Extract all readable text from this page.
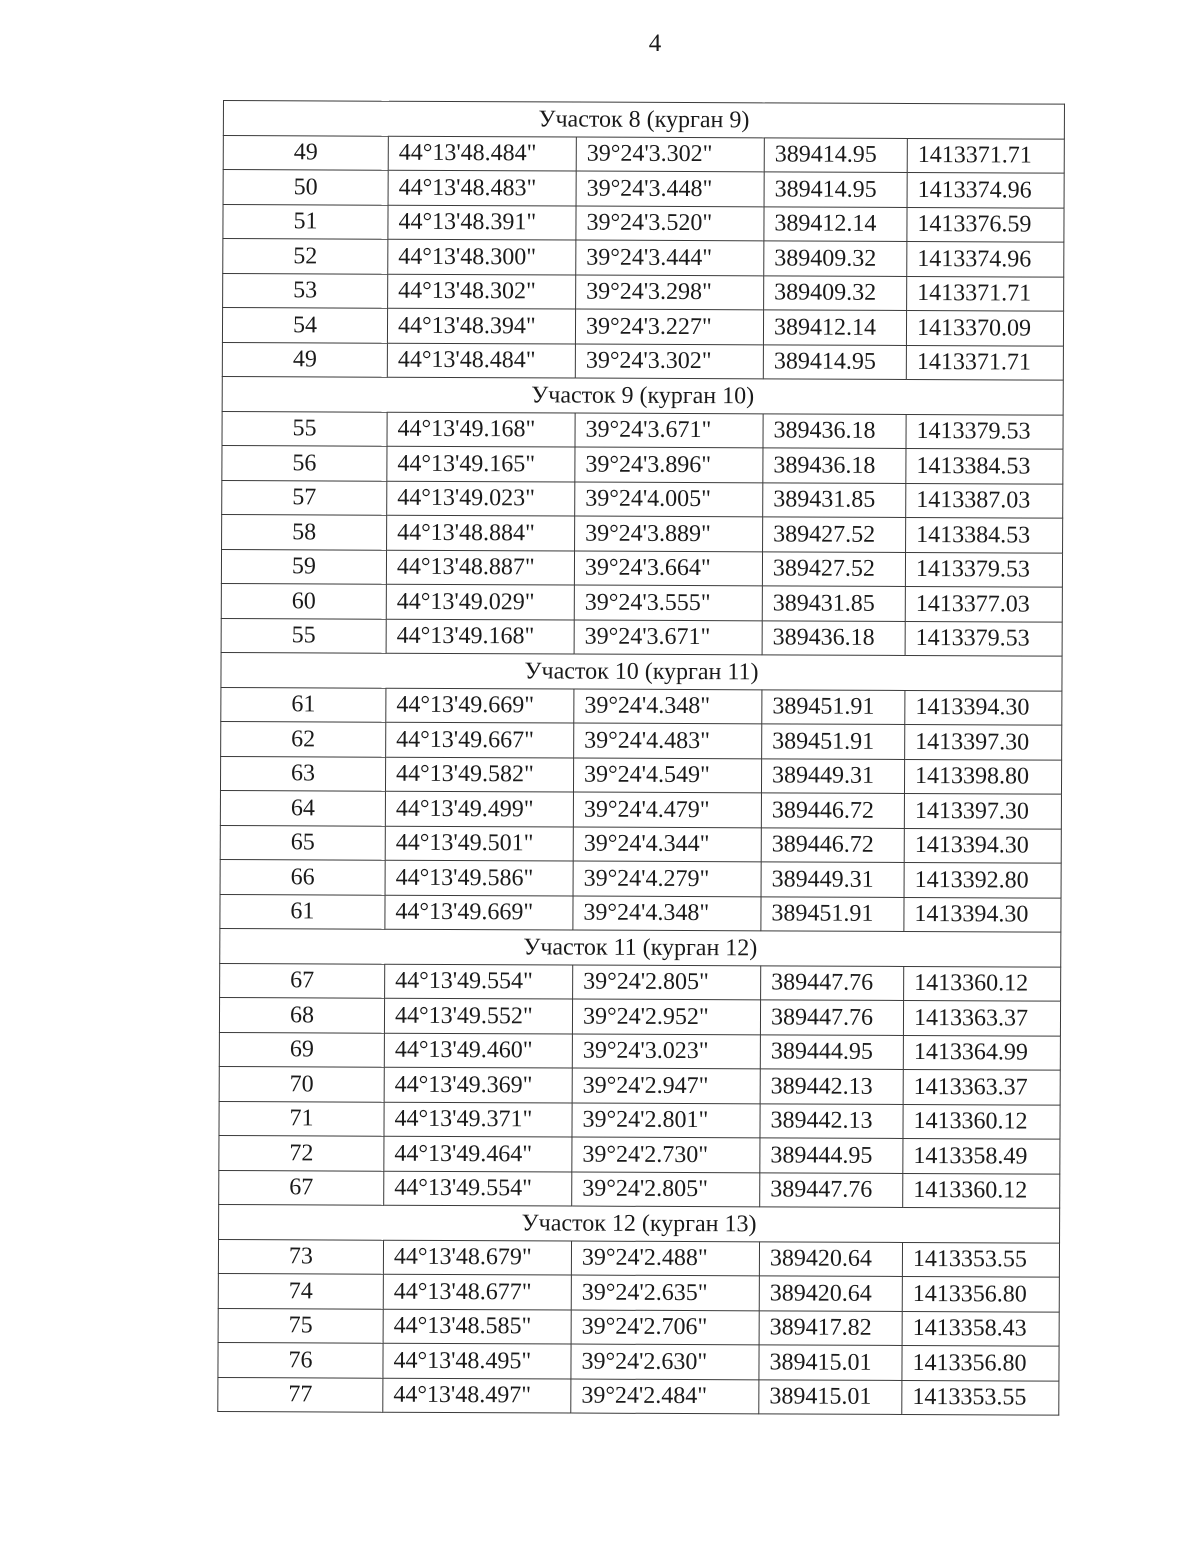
4
Участок 8 (курган 9)				
49	44°13'48.484"	39°24'3.302"	389414.95	1413371.71
50	44°13'48.483"	39°24'3.448"	389414.95	1413374.96
51	44°13'48.391"	39°24'3.520"	389412.14	1413376.59
52	44°13'48.300"	39°24'3.444"	389409.32	1413374.96
53	44°13'48.302"	39°24'3.298"	389409.32	1413371.71
54	44°13'48.394"	39°24'3.227"	389412.14	1413370.09
49	44°13'48.484"	39°24'3.302"	389414.95	1413371.71
Участок 9 (курган 10)				
55	44°13'49.168"	39°24'3.671"	389436.18	1413379.53
56	44°13'49.165"	39°24'3.896"	389436.18	1413384.53
57	44°13'49.023"	39°24'4.005"	389431.85	1413387.03
58	44°13'48.884"	39°24'3.889"	389427.52	1413384.53
59	44°13'48.887"	39°24'3.664"	389427.52	1413379.53
60	44°13'49.029"	39°24'3.555"	389431.85	1413377.03
55	44°13'49.168"	39°24'3.671"	389436.18	1413379.53
Участок 10 (курган 11)				
61	44°13'49.669"	39°24'4.348"	389451.91	1413394.30
62	44°13'49.667"	39°24'4.483"	389451.91	1413397.30
63	44°13'49.582"	39°24'4.549"	389449.31	1413398.80
64	44°13'49.499"	39°24'4.479"	389446.72	1413397.30
65	44°13'49.501"	39°24'4.344"	389446.72	1413394.30
66	44°13'49.586"	39°24'4.279"	389449.31	1413392.80
61	44°13'49.669"	39°24'4.348"	389451.91	1413394.30
Участок 11 (курган 12)				
67	44°13'49.554"	39°24'2.805"	389447.76	1413360.12
68	44°13'49.552"	39°24'2.952"	389447.76	1413363.37
69	44°13'49.460"	39°24'3.023"	389444.95	1413364.99
70	44°13'49.369"	39°24'2.947"	389442.13	1413363.37
71	44°13'49.371"	39°24'2.801"	389442.13	1413360.12
72	44°13'49.464"	39°24'2.730"	389444.95	1413358.49
67	44°13'49.554"	39°24'2.805"	389447.76	1413360.12
Участок 12 (курган 13)				
73	44°13'48.679"	39°24'2.488"	389420.64	1413353.55
74	44°13'48.677"	39°24'2.635"	389420.64	1413356.80
75	44°13'48.585"	39°24'2.706"	389417.82	1413358.43
76	44°13'48.495"	39°24'2.630"	389415.01	1413356.80
77	44°13'48.497"	39°24'2.484"	389415.01	1413353.55
